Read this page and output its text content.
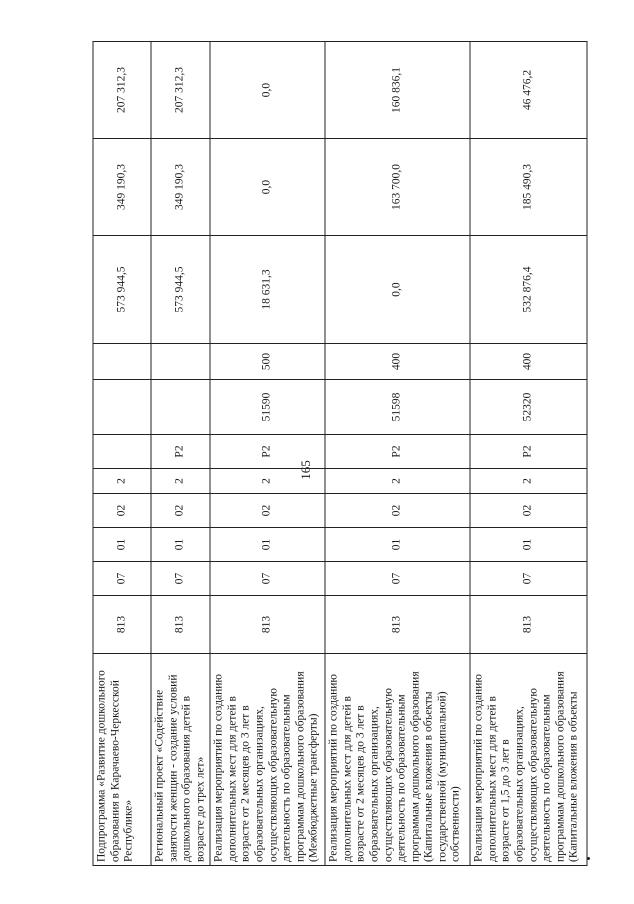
165
Подпрограмма «Развитие дошкольного образования в Карачаево-Черкесской Республике»	813	07	01	02	2				573 944,5	349 190,3	207 312,3
Региональный проект «Содействие занятости женщин - создание условий дошкольного образования детей в возрасте до трех лет»	813	07	01	02	2	P2			573 944,5	349 190,3	207 312,3
Реализация мероприятий по созданию дополнительных мест для детей в возрасте от 2 месяцев до 3 лет в образовательных организациях, осуществляющих образовательную деятельность по образовательным программам дошкольного образования (Межбюджетные трансферты)	813	07	01	02	2	P2	51590	500	18 631,3	0,0	0,0
Реализация мероприятий по созданию дополнительных мест для детей в возрасте от 2 месяцев до 3 лет в образовательных организациях, осуществляющих образовательную деятельность по образовательным программам дошкольного образования (Капитальные вложения в объекты государственной (муниципальной) собственности)	813	07	01	02	2	P2	51598	400	0,0	163 700,0	160 836,1
Реализация мероприятий по созданию дополнительных мест для детей в возрасте от 1,5 до 3 лет в образовательных организациях, осуществляющих образовательную деятельность по образовательным программам дошкольного образования (Капитальные вложения в объекты	813	07	01	02	2	P2	52320	400	532 876,4	185 490,3	46 476,2
